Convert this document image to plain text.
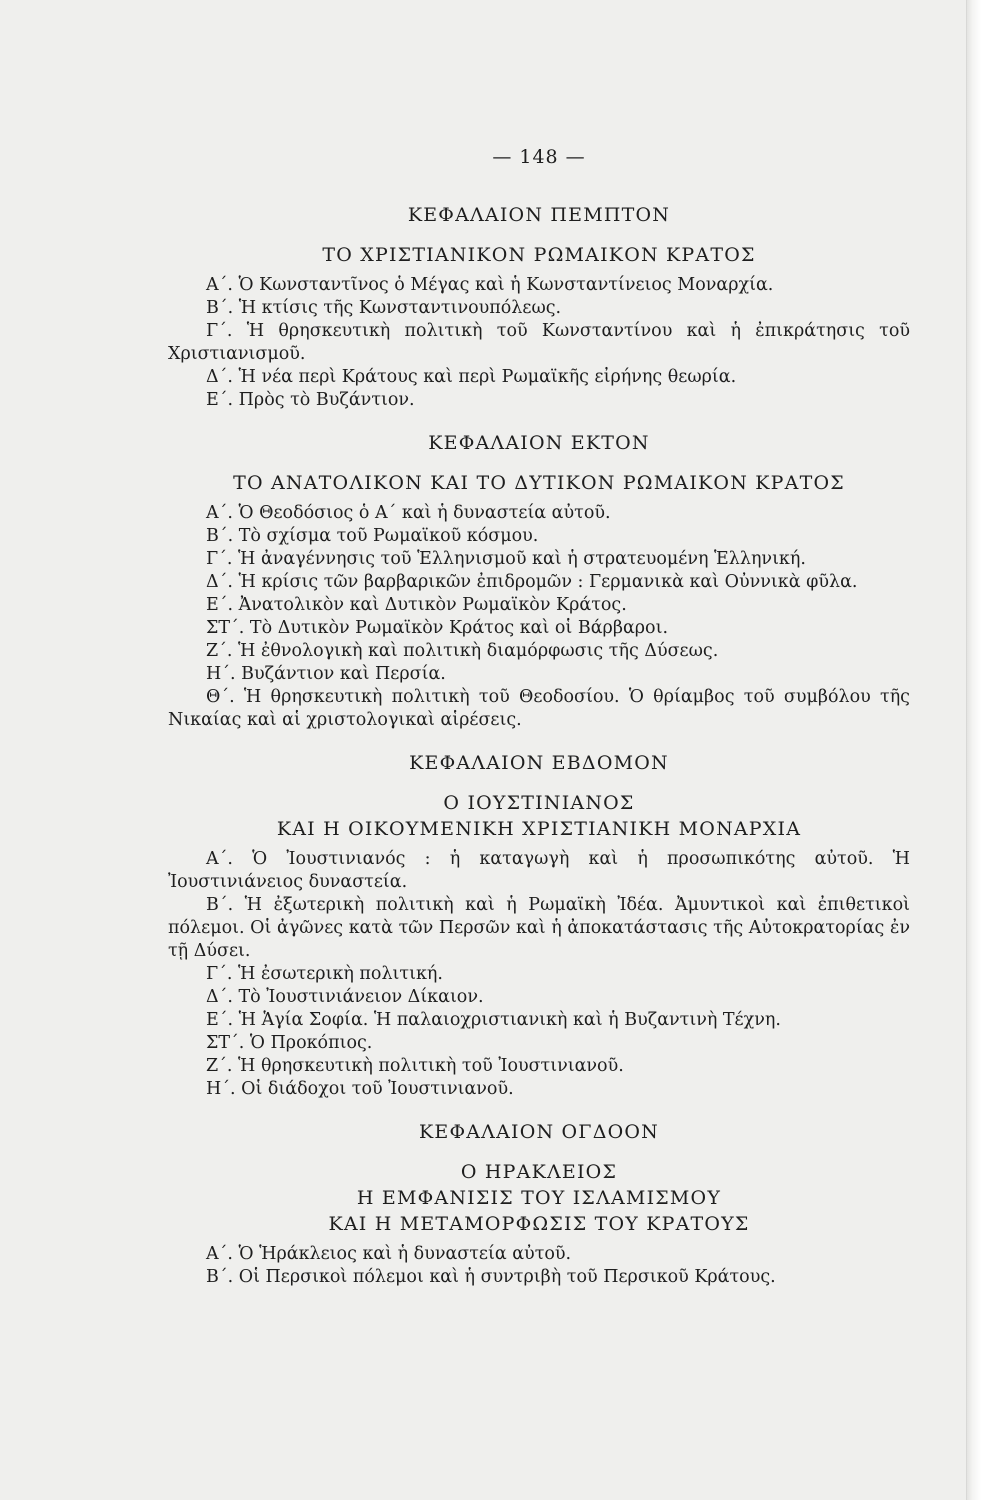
— 148 —
ΚΕΦΑΛΑΙΟΝ ΠΕΜΠΤΟΝ
ΤΟ ΧΡΙΣΤΙΑΝΙΚΟΝ ΡΩΜΑΙΚΟΝ ΚΡΑΤΟΣ

Α΄. Ὁ Κωνσταντῖνος ὁ Μέγας καὶ ἡ Κωνσταντίνειος Μοναρχία.

Β΄. Ἡ κτίσις τῆς Κωνσταντινουπόλεως.

Γ΄. Ἡ θρησκευτικὴ πολιτικὴ τοῦ Κωνσταντίνου καὶ ἡ ἐπικράτησις τοῦ Χριστιανισμοῦ.

Δ΄. Ἡ νέα περὶ Κράτους καὶ περὶ Ρωμαϊκῆς εἰρήνης θεωρία.

Ε΄. Πρὸς τὸ Βυζάντιον.

ΚΕΦΑΛΑΙΟΝ ΕΚΤΟΝ
ΤΟ ΑΝΑΤΟΛΙΚΟΝ ΚΑΙ ΤΟ ΔΥΤΙΚΟΝ ΡΩΜΑΙΚΟΝ ΚΡΑΤΟΣ

Α΄. Ὁ Θεοδόσιος ὁ Α΄ καὶ ἡ δυναστεία αὐτοῦ.

Β΄. Τὸ σχίσμα τοῦ Ρωμαϊκοῦ κόσμου.

Γ΄. Ἡ ἀναγέννησις τοῦ Ἑλληνισμοῦ καὶ ἡ στρατευομένη Ἑλληνική.

Δ΄. Ἡ κρίσις τῶν βαρβαρικῶν ἐπιδρομῶν : Γερμανικὰ καὶ Οὐννικὰ φῦλα.

Ε΄. Ἀνατολικὸν καὶ Δυτικὸν Ρωμαϊκὸν Κράτος.

ΣΤ΄. Τὸ Δυτικὸν Ρωμαϊκὸν Κράτος καὶ οἱ Βάρβαροι.

Ζ΄. Ἡ ἐθνολογικὴ καὶ πολιτικὴ διαμόρφωσις τῆς Δύσεως.

Η΄. Βυζάντιον καὶ Περσία.

Θ΄. Ἡ θρησκευτικὴ πολιτικὴ τοῦ Θεοδοσίου. Ὁ θρίαμβος τοῦ συμβόλου τῆς Νικαίας καὶ αἱ χριστολογικαὶ αἱρέσεις.

ΚΕΦΑΛΑΙΟΝ ΕΒΔΟΜΟΝ
Ο ΙΟΥΣΤΙΝΙΑΝΟΣ
ΚΑΙ Η ΟΙΚΟΥΜΕΝΙΚΗ ΧΡΙΣΤΙΑΝΙΚΗ ΜΟΝΑΡΧΙΑ

Α΄. Ὁ Ἰουστινιανός : ἡ καταγωγὴ καὶ ἡ προσωπικότης αὐτοῦ. Ἡ Ἰουστινιάνειος δυναστεία.

Β΄. Ἡ ἐξωτερικὴ πολιτικὴ καὶ ἡ Ρωμαϊκὴ Ἰδέα. Ἀμυντικοὶ καὶ ἐπιθετικοὶ πόλεμοι. Οἱ ἀγῶνες κατὰ τῶν Περσῶν καὶ ἡ ἀποκατάστασις τῆς Αὐτοκρατορίας ἐν τῇ Δύσει.

Γ΄. Ἡ ἐσωτερικὴ πολιτική.

Δ΄. Τὸ Ἰουστινιάνειον Δίκαιον.

Ε΄. Ἡ Ἁγία Σοφία. Ἡ παλαιοχριστιανικὴ καὶ ἡ Βυζαντινὴ Τέχνη.

ΣΤ΄. Ὁ Προκόπιος.

Ζ΄. Ἡ θρησκευτικὴ πολιτικὴ τοῦ Ἰουστινιανοῦ.

Η΄. Οἱ διάδοχοι τοῦ Ἰουστινιανοῦ.

ΚΕΦΑΛΑΙΟΝ ΟΓΔΟΟΝ
Ο ΗΡΑΚΛΕΙΟΣ
Η ΕΜΦΑΝΙΣΙΣ ΤΟΥ ΙΣΛΑΜΙΣΜΟΥ
ΚΑΙ Η ΜΕΤΑΜΟΡΦΩΣΙΣ ΤΟΥ ΚΡΑΤΟΥΣ

Α΄. Ὁ Ἡράκλειος καὶ ἡ δυναστεία αὐτοῦ.

Β΄. Οἱ Περσικοὶ πόλεμοι καὶ ἡ συντριβὴ τοῦ Περσικοῦ Κράτους.
